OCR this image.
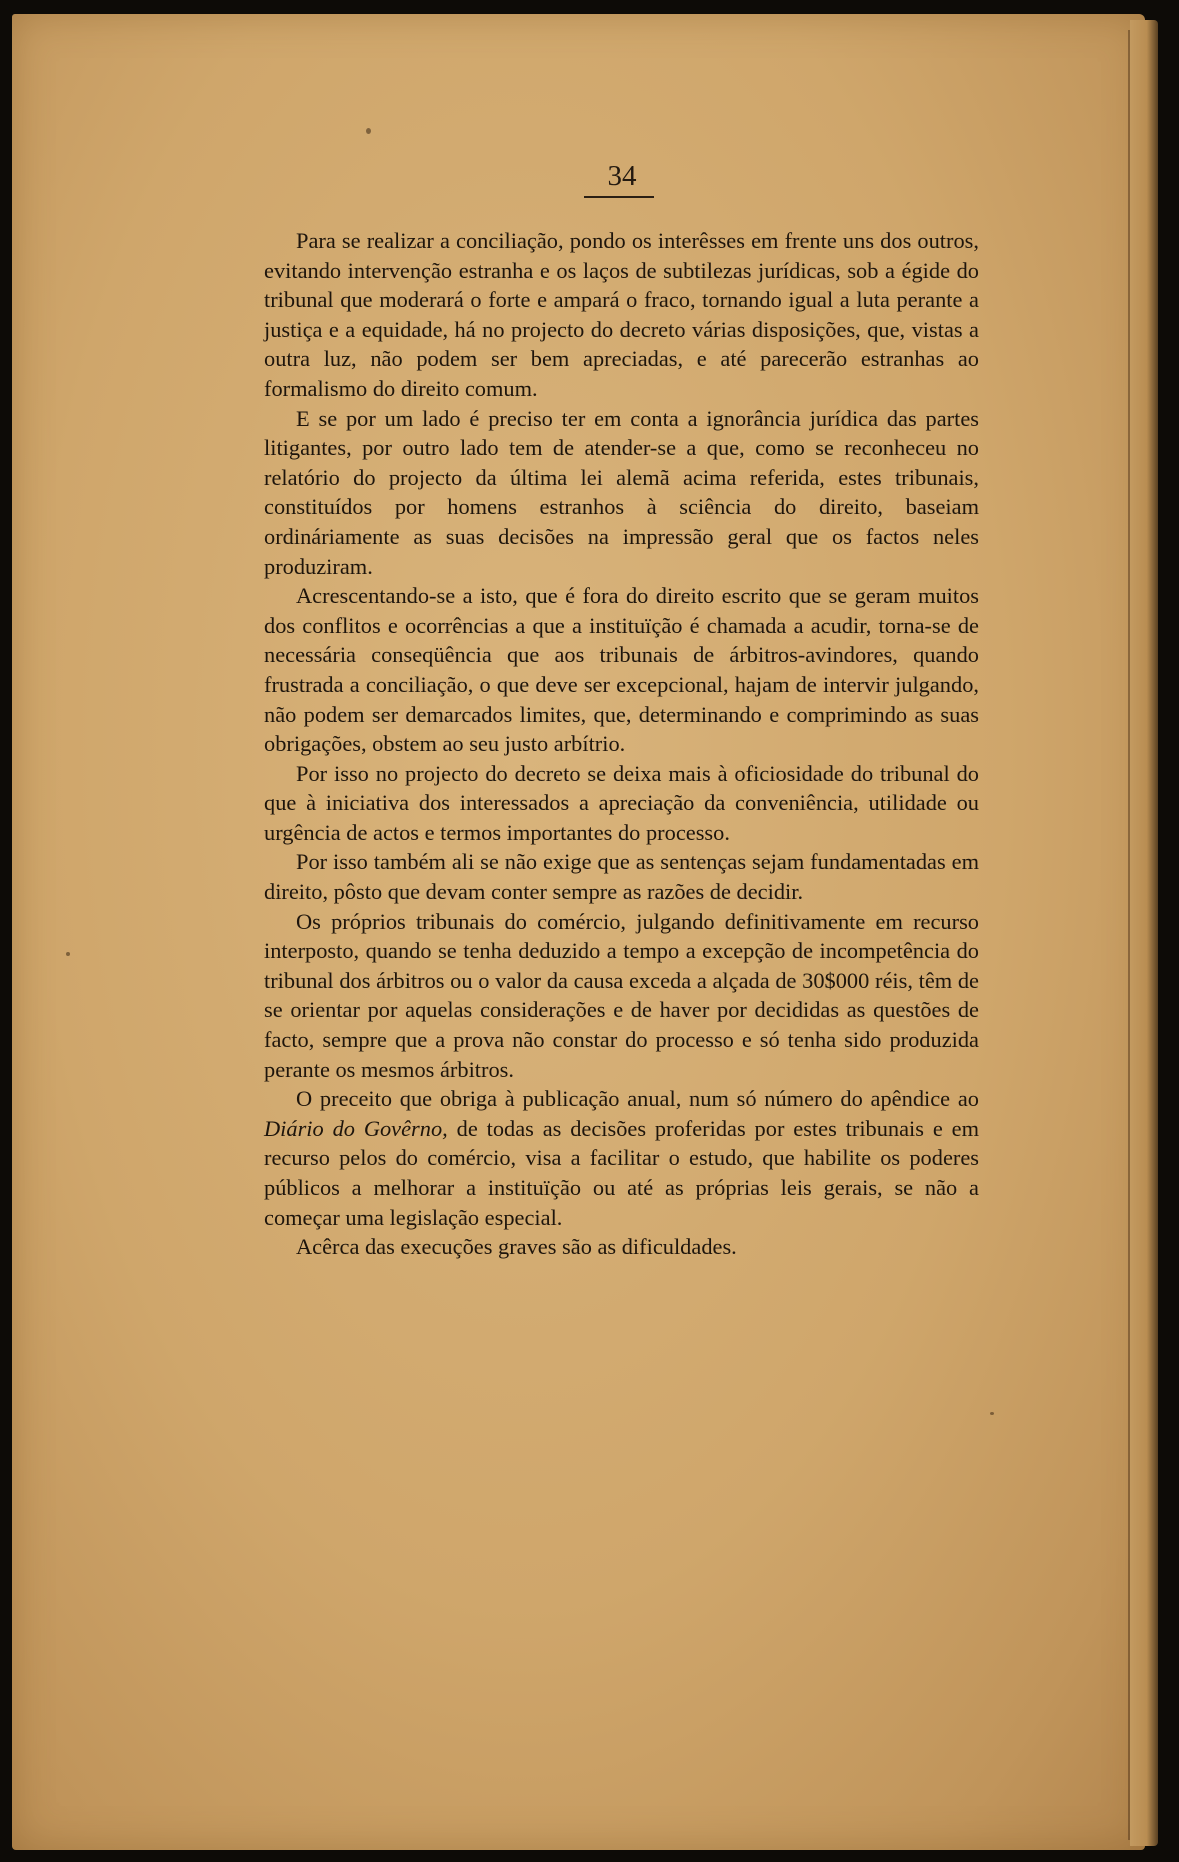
34

Para se realizar a conciliação, pondo os interêsses em frente uns dos outros, evitando intervenção estranha e os laços de subtilezas jurídicas, sob a égide do tribunal que moderará o forte e ampará o fraco, tornando igual a luta perante a justiça e a equidade, há no projecto do decreto várias disposições, que, vistas a outra luz, não podem ser bem apreciadas, e até parecerão estranhas ao formalismo do direito comum.

E se por um lado é preciso ter em conta a ignorância jurídica das partes litigantes, por outro lado tem de atender-se a que, como se reconheceu no relatório do projecto da última lei alemã acima referida, estes tribunais, constituídos por homens estranhos à sciência do direito, baseiam ordináriamente as suas decisões na impressão geral que os factos neles produziram.

Acrescentando-se a isto, que é fora do direito escrito que se geram muitos dos conflitos e ocorrências a que a instituïção é chamada a acudir, torna-se de necessária conseqüência que aos tribunais de árbitros-avindores, quando frustrada a conciliação, o que deve ser excepcional, hajam de intervir julgando, não podem ser demarcados limites, que, determinando e comprimindo as suas obrigações, obstem ao seu justo arbítrio.

Por isso no projecto do decreto se deixa mais à oficiosidade do tribunal do que à iniciativa dos interessados a apreciação da conveniência, utilidade ou urgência de actos e termos importantes do processo.

Por isso também ali se não exige que as sentenças sejam fundamentadas em direito, pôsto que devam conter sempre as razões de decidir.

Os próprios tribunais do comércio, julgando definitivamente em recurso interposto, quando se tenha deduzido a tempo a excepção de incompetência do tribunal dos árbitros ou o valor da causa exceda a alçada de 30$000 réis, têm de se orientar por aquelas considerações e de haver por decididas as questões de facto, sempre que a prova não constar do processo e só tenha sido produzida perante os mesmos árbitros.

O preceito que obriga à publicação anual, num só número do apêndice ao Diário do Govêrno, de todas as decisões proferidas por estes tribunais e em recurso pelos do comércio, visa a facilitar o estudo, que habilite os poderes públicos a melhorar a instituïção ou até as próprias leis gerais, se não a começar uma legislação especial.

Acêrca das execuções graves são as dificuldades.
